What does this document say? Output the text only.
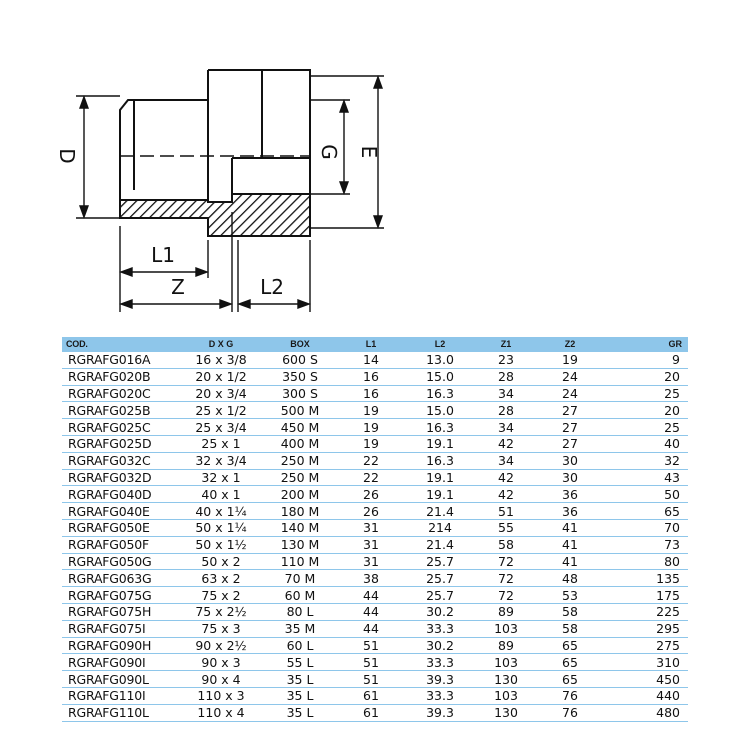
D	G E
L1
Z	L2
COD.	D X G	BOX	L1	L2	Z1	Z2	GR
RGRAFG016A	16 x 3/8	600 S	14	13.0	23	19	9
RGRAFG020B	20 x 1/2	350 S	16	15.0	28	24	20
RGRAFG020C	20 x 3/4	300 S	16	16.3	34	24	25
RGRAFG025B	25 x 1/2	500 M	19	15.0	28	27	20
RGRAFG025C	25 x 3/4	450 M	19	16.3	34	27	25
RGRAFG025D	25 x 1	400 M	19	19.1	42	27	40
RGRAFG032C	32 x 3/4	250 M	22	16.3	34	30	32
RGRAFG032D	32 x 1	250 M	22	19.1	42	30	43
RGRAFG040D	40 x 1	200 M	26	19.1	42	36	50
RGRAFG040E	40 x 1¼	180 M	26	21.4	51	36	65
RGRAFG050E	50 x 1¼	140 M	31	214	55	41	70
RGRAFG050F	50 x 1½	130 M	31	21.4	58	41	73
RGRAFG050G	50 x 2	110 M	31	25.7	72	41	80
RGRAFG063G	63 x 2	70 M	38	25.7	72	48	135
RGRAFG075G	75 x 2	60 M	44	25.7	72	53	175
RGRAFG075H	75 x 2½	80 L	44	30.2	89	58	225
RGRAFG075I	75 x 3	35 M	44	33.3	103	58	295
RGRAFG090H	90 x 2½	60 L	51	30.2	89	65	275
RGRAFG090I	90 x 3	55 L	51	33.3	103	65	310
RGRAFG090L	90 x 4	35 L	51	39.3	130	65	450
RGRAFG110I	110 x 3	35 L	61	33.3	103	76	440
RGRAFG110L	110 x 4	35 L	61	39.3	130	76	480
